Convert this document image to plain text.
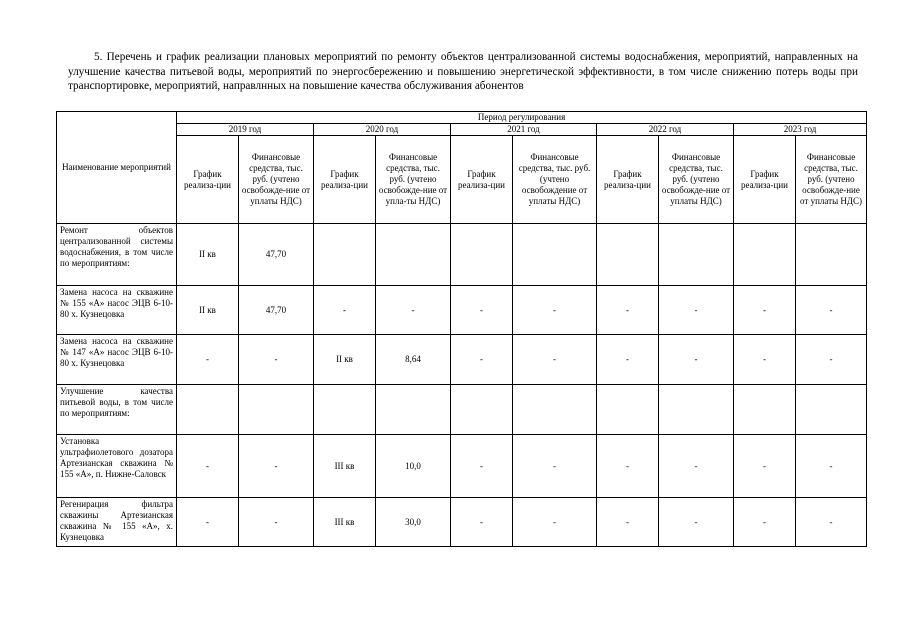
5. Перечень и график реализации плановых мероприятий по ремонту объектов централизованной системы водоснабжения, мероприятий, направленных на улучшение качества питьевой воды, мероприятий по энергосбережению и повышению энергетической эффективности, в том числе снижению потерь воды при транспортировке, мероприятий, направлнных на повышение качества обслуживания абонентов
Наименование мероприятий	Период регулирования									
	2019 год		2020 год		2021 год		2022 год		2023 год	
	График реализа-ции	Финансовые средства, тыс. руб. (учтено освобожде-ние от уплаты НДС)	График реализа-ции	Финансовые средства, тыс. руб. (учтено освобожде-ние от упла-ты НДС)	График реализа-ции	Финансовые средства, тыс. руб. (учтено освобождение от уплаты НДС)	График реализа-ции	Финансовые средства, тыс. руб. (учтено освобожде-ние от уплаты НДС)	График реализа-ции	Финансовые средства, тыс. руб. (учтено освобожде-ние от уплаты НДС)
Ремонт объектов централизованной системы водоснабжения, в том числе по мероприятиям:	II кв	47,70								
Замена насоса на скважине № 155 «А» насос ЭЦВ 6-10-80 х. Кузнецовка	II кв	47,70	-	-	-	-	-	-	-	-
Замена насоса на скважине № 147 «А» насос ЭЦВ 6-10-80 х. Кузнецовка	-	-	II кв	8,64	-	-	-	-	-	-
Улучшение качества питьевой воды, в том числе по мероприятиям:										
Установка ультрафиолетового дозатора Артезианская скважина № 155 «А», п. Нижне-Саловск	-	-	III кв	10,0	-	-	-	-	-	-
Регенирация фильтра скважины Артезианская скважина № 155 «А», х. Кузнецовка	-	-	III кв	30,0	-	-	-	-	-	-
